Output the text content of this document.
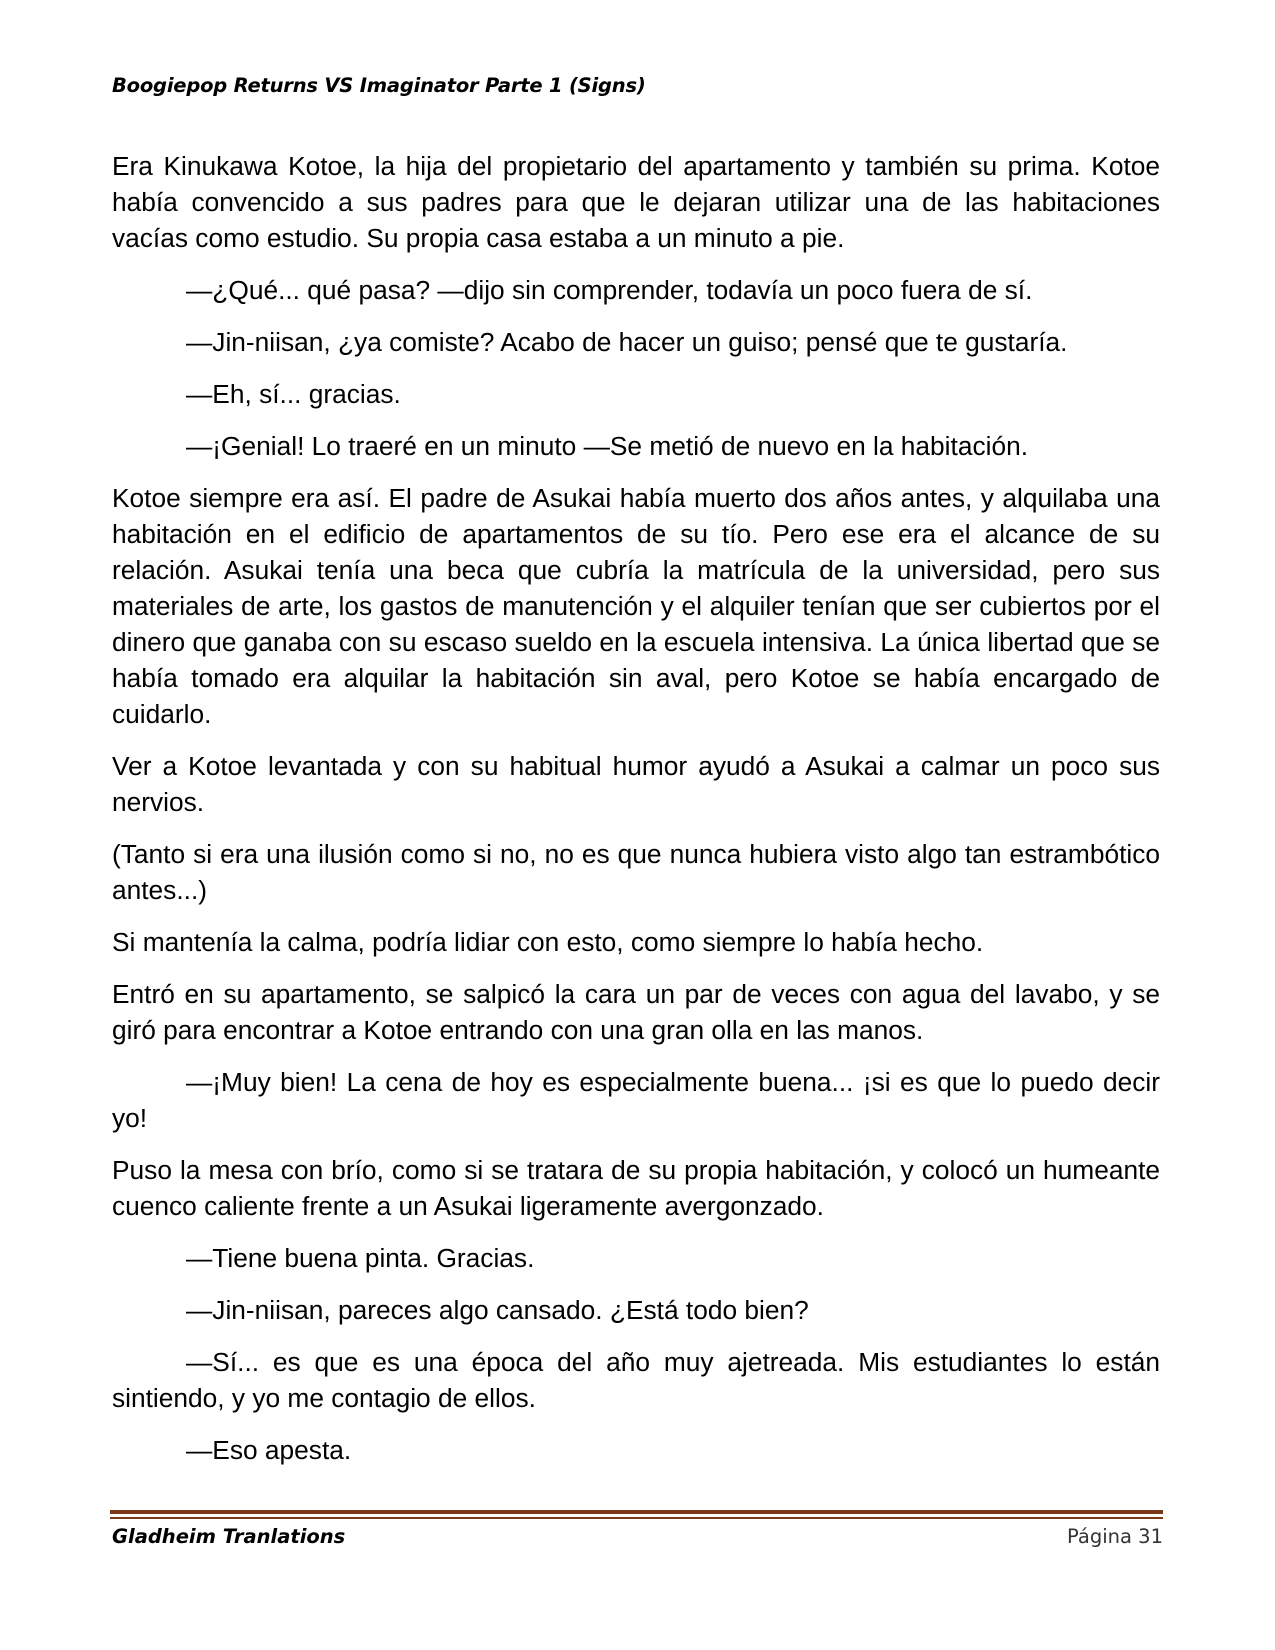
Boogiepop Returns VS Imaginator Parte 1 (Signs)

Era Kinukawa Kotoe, la hija del propietario del apartamento y también su prima. Kotoe había convencido a sus padres para que le dejaran utilizar una de las habitaciones vacías como estudio. Su propia casa estaba a un minuto a pie.

—¿Qué... qué pasa? —dijo sin comprender, todavía un poco fuera de sí.

—Jin-niisan, ¿ya comiste? Acabo de hacer un guiso; pensé que te gustaría.

—Eh, sí... gracias.

—¡Genial! Lo traeré en un minuto —Se metió de nuevo en la habitación.

Kotoe siempre era así. El padre de Asukai había muerto dos años antes, y alquilaba una habitación en el edificio de apartamentos de su tío. Pero ese era el alcance de su relación. Asukai tenía una beca que cubría la matrícula de la universidad, pero sus materiales de arte, los gastos de manutención y el alquiler tenían que ser cubiertos por el dinero que ganaba con su escaso sueldo en la escuela intensiva. La única libertad que se había tomado era alquilar la habitación sin aval, pero Kotoe se había encargado de cuidarlo.

Ver a Kotoe levantada y con su habitual humor ayudó a Asukai a calmar un poco sus nervios.

(Tanto si era una ilusión como si no, no es que nunca hubiera visto algo tan estrambótico antes...)

Si mantenía la calma, podría lidiar con esto, como siempre lo había hecho.

Entró en su apartamento, se salpicó la cara un par de veces con agua del lavabo, y se giró para encontrar a Kotoe entrando con una gran olla en las manos.

—¡Muy bien! La cena de hoy es especialmente buena... ¡si es que lo puedo decir yo!

Puso la mesa con brío, como si se tratara de su propia habitación, y colocó un humeante cuenco caliente frente a un Asukai ligeramente avergonzado.

—Tiene buena pinta. Gracias.

—Jin-niisan, pareces algo cansado. ¿Está todo bien?

—Sí... es que es una época del año muy ajetreada. Mis estudiantes lo están sintiendo, y yo me contagio de ellos.

—Eso apesta.

Gladheim Tranlations	Página 31
